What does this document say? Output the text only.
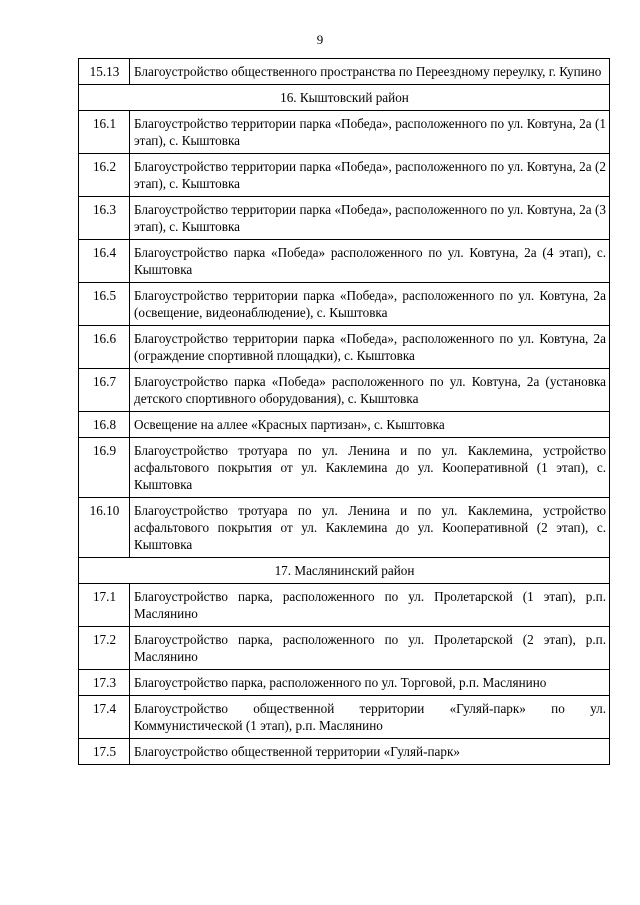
9
15.13	Благоустройство общественного пространства по Переездному переулку, г. Купино
16. Кыштовский район	
16.1	Благоустройство территории парка «Победа», расположенного по ул. Ковтуна, 2а (1 этап), с. Кыштовка
16.2	Благоустройство территории парка «Победа», расположенного по ул. Ковтуна, 2а (2 этап), с. Кыштовка
16.3	Благоустройство территории парка «Победа», расположенного по ул. Ковтуна, 2а (3 этап), с. Кыштовка
16.4	Благоустройство парка «Победа» расположенного по ул. Ковтуна, 2а (4 этап), с. Кыштовка
16.5	Благоустройство территории парка «Победа», расположенного по ул. Ковтуна, 2а (освещение, видеонаблюдение), с. Кыштовка
16.6	Благоустройство территории парка «Победа», расположенного по ул. Ковтуна, 2а (ограждение спортивной площадки), с. Кыштовка
16.7	Благоустройство парка «Победа» расположенного по ул. Ковтуна, 2а (установка детского спортивного оборудования), с. Кыштовка
16.8	Освещение на аллее «Красных партизан», с. Кыштовка
16.9	Благоустройство тротуара по ул. Ленина и по ул. Каклемина, устройство асфальтового покрытия от ул. Каклемина до ул. Кооперативной (1 этап), с. Кыштовка
16.10	Благоустройство тротуара по ул. Ленина и по ул. Каклемина, устройство асфальтового покрытия от ул. Каклемина до ул. Кооперативной (2 этап), с. Кыштовка
17. Маслянинский район	
17.1	Благоустройство парка, расположенного по ул. Пролетарской (1 этап), р.п. Маслянино
17.2	Благоустройство парка, расположенного по ул. Пролетарской (2 этап), р.п. Маслянино
17.3	Благоустройство парка, расположенного по ул. Торговой, р.п. Маслянино
17.4	Благоустройство общественной территории «Гуляй-парк» по ул. Коммунистической (1 этап), р.п. Маслянино
17.5	Благоустройство общественной территории «Гуляй-парк»
